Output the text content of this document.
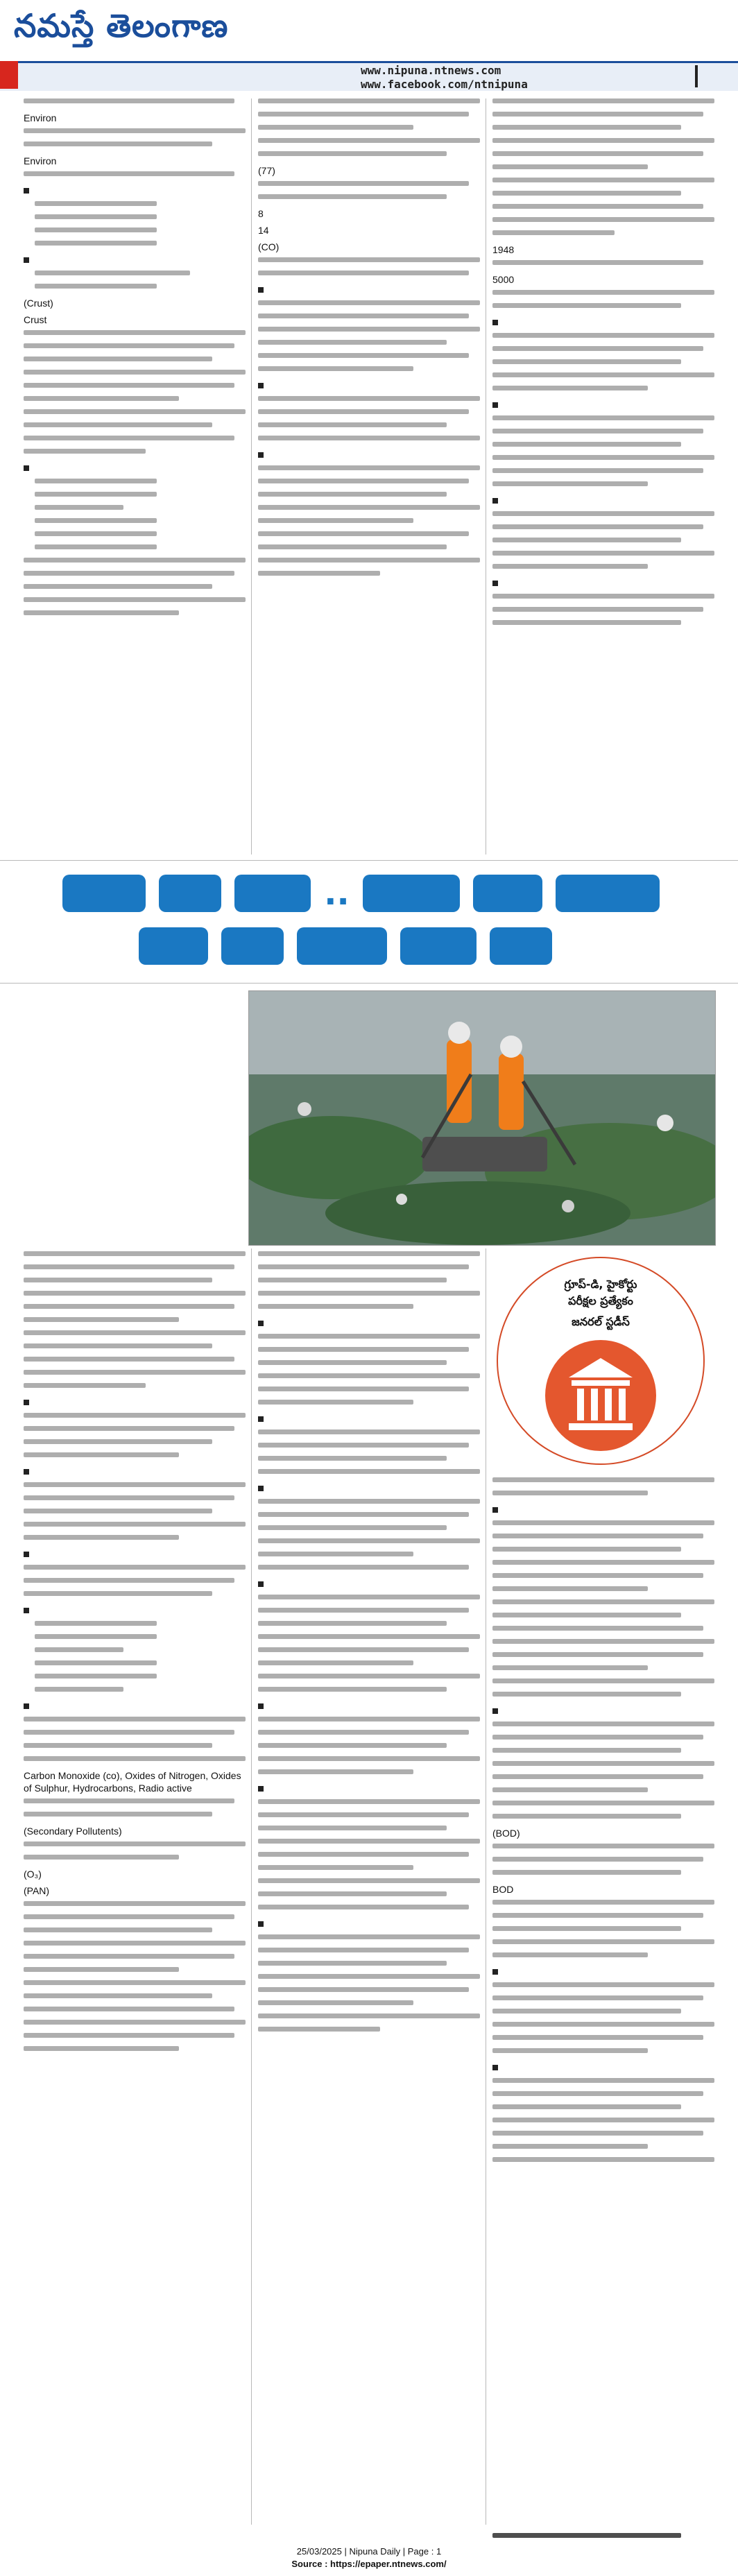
నమస్తే తెలంగాణ
www.nipuna.ntnews.com
www.facebook.com/ntnipuna
Environ
Environ
(Crust)
Crust
(77)
8
14
(CO)	1948
5000
..

Carbon Monoxide (co), Oxides of Nitrogen, Oxides of Sulphur, Hydrocarbons, Radio active
(Secondary Pollutents)
(O₃)
(PAN)
గ్రూప్-డి, హైకోర్టు
పరీక్షల ప్రత్యేకం
జనరల్ స్టడీస్
(BOD)
BOD
25/03/2025 | Nipuna Daily | Page : 1
Source : https://epaper.ntnews.com/
